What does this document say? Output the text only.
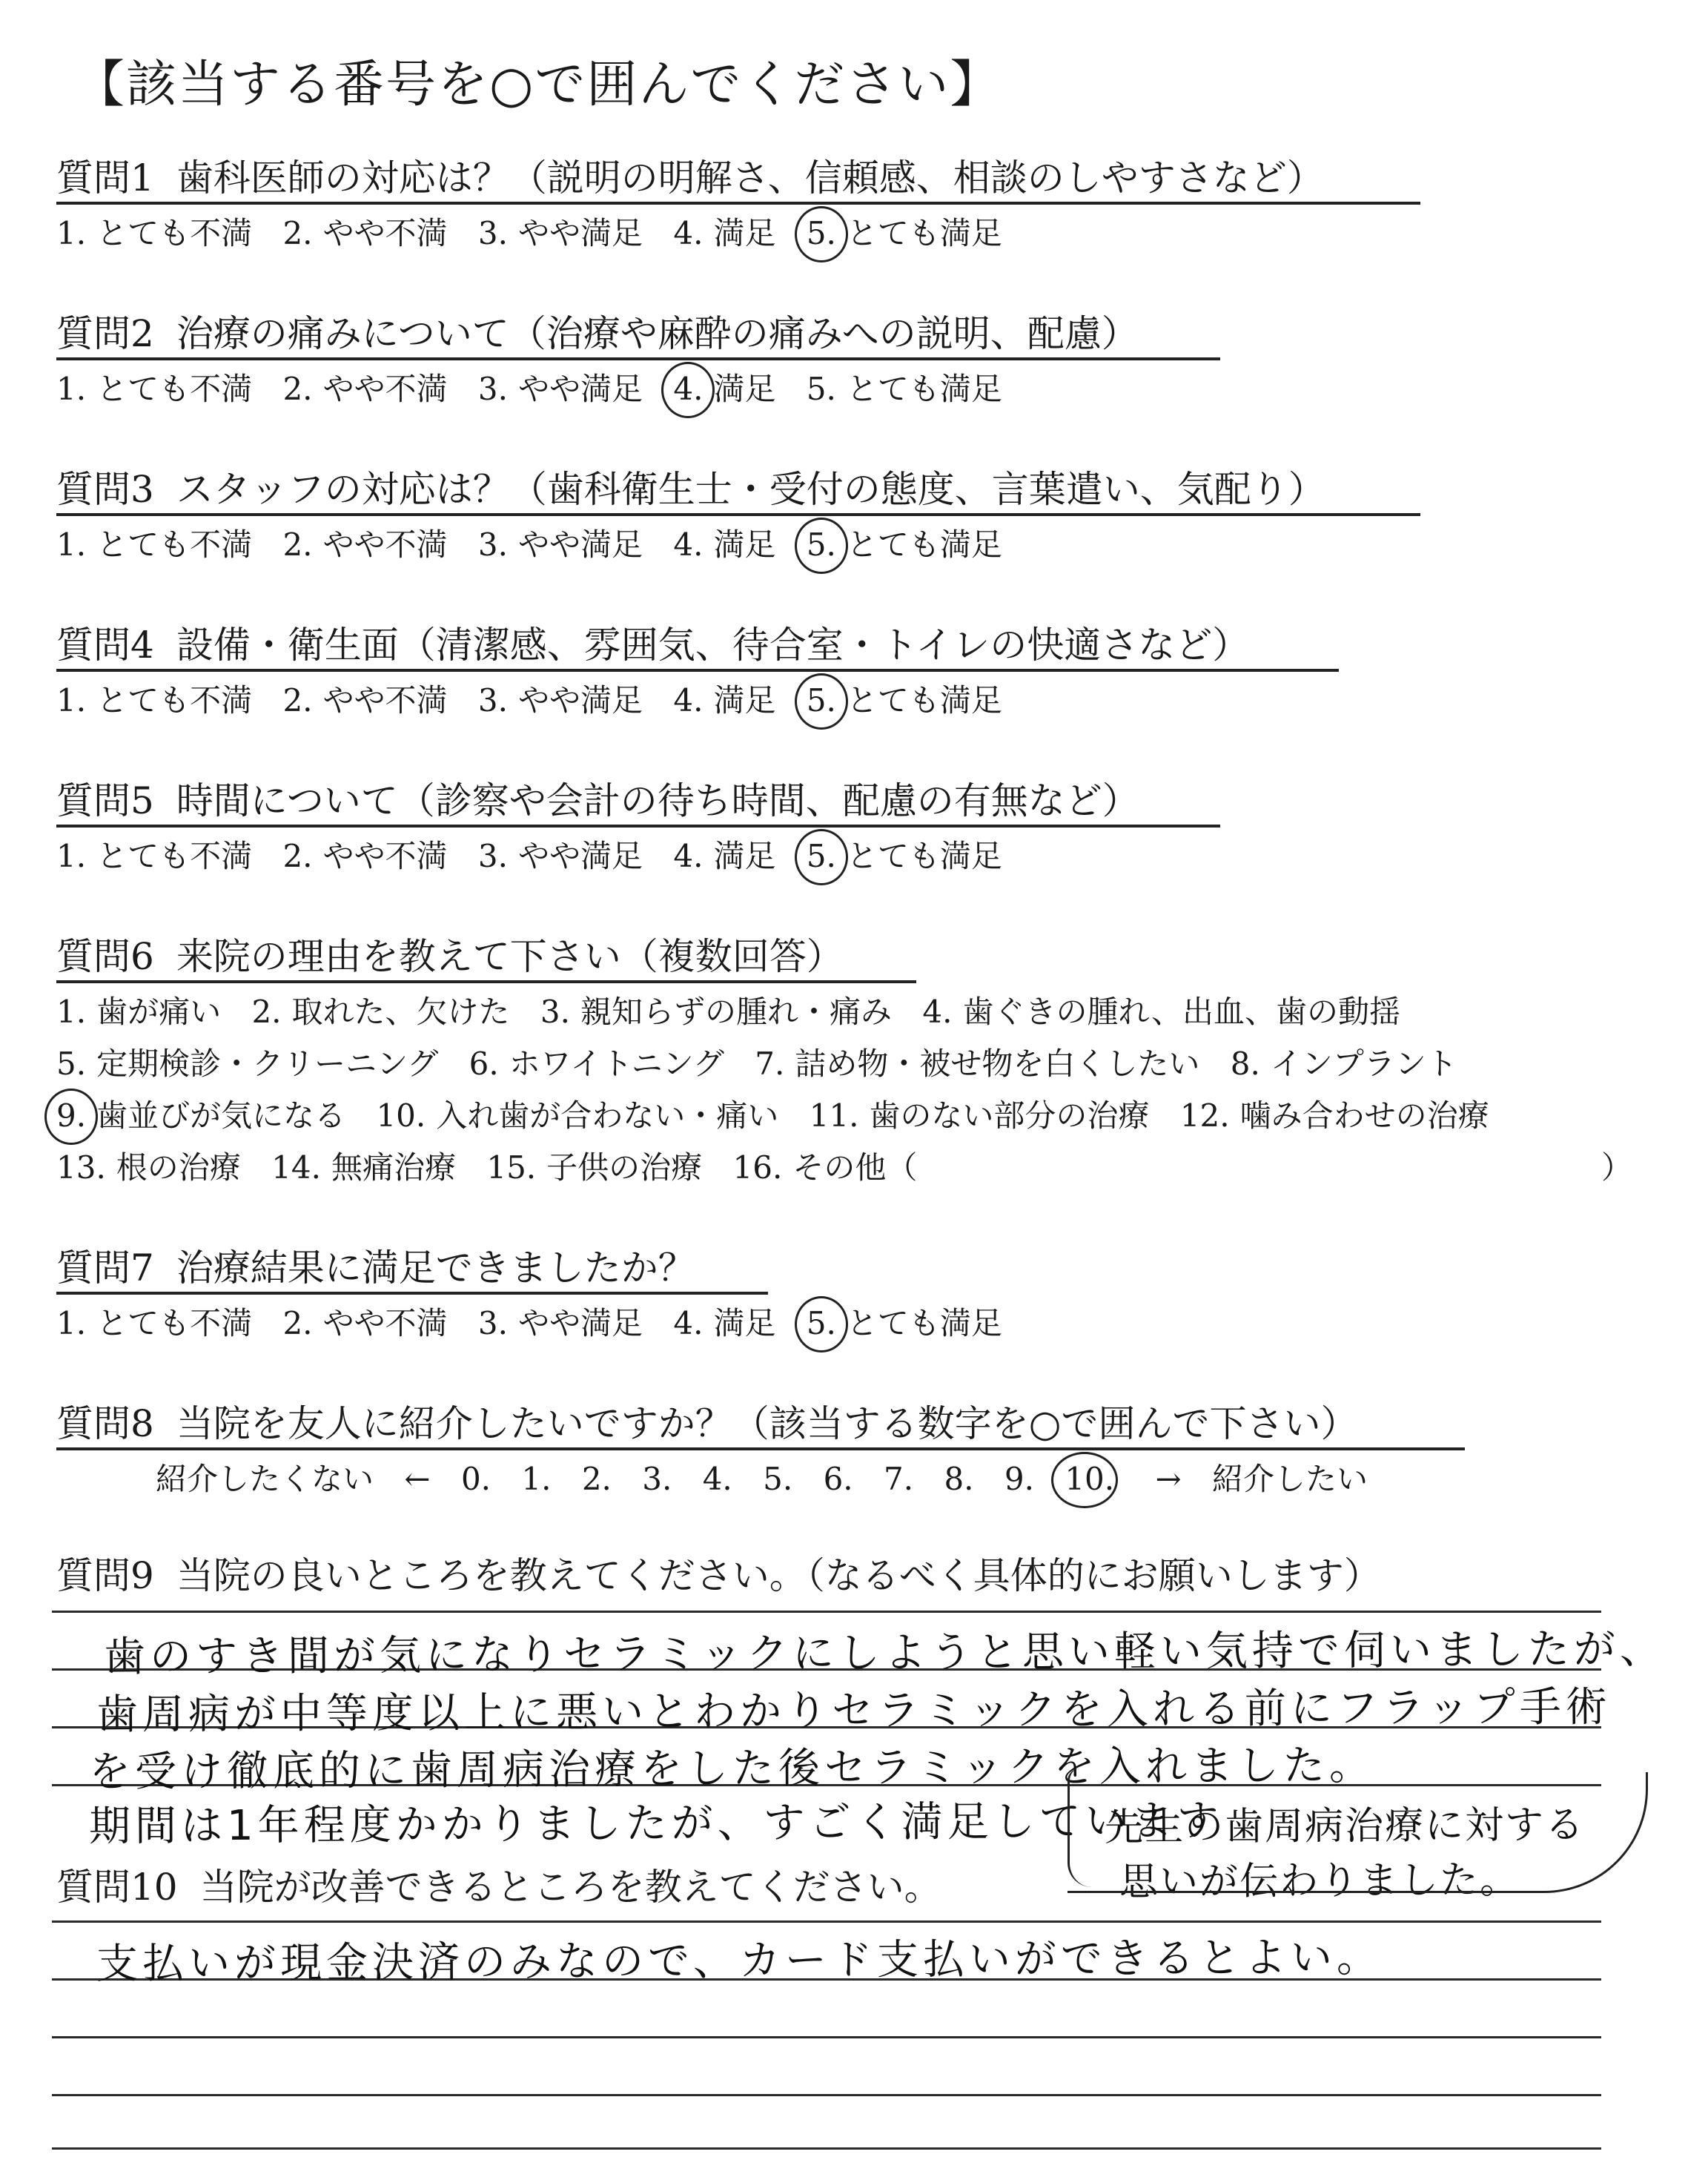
【該当する番号を○で囲んでください】
質問1 歯科医師の対応は？（説明の明解さ、信頼感、相談のしやすさなど）
1. とても不満 2. やや不満 3. やや満足 4. 満足 5. とても満足
質問2 治療の痛みについて（治療や麻酔の痛みへの説明、配慮）
1. とても不満 2. やや不満 3. やや満足 4. 満足 5. とても満足
質問3 スタッフの対応は？（歯科衛生士・受付の態度、言葉遣い、気配り）
1. とても不満 2. やや不満 3. やや満足 4. 満足 5. とても満足
質問4 設備・衛生面（清潔感、雰囲気、待合室・トイレの快適さなど）
1. とても不満 2. やや不満 3. やや満足 4. 満足 5. とても満足
質問5 時間について（診察や会計の待ち時間、配慮の有無など）
1. とても不満 2. やや不満 3. やや満足 4. 満足 5. とても満足
質問6 来院の理由を教えて下さい（複数回答）
1. 歯が痛い 2. 取れた、欠けた 3. 親知らずの腫れ・痛み 4. 歯ぐきの腫れ、出血、歯の動揺
5. 定期検診・クリーニング 6. ホワイトニング 7. 詰め物・被せ物を白くしたい 8. インプラント
9. 歯並びが気になる 10. 入れ歯が合わない・痛い 11. 歯のない部分の治療 12. 噛み合わせの治療
13. 根の治療 14. 無痛治療 15. 子供の治療 16. その他（	）
質問7 治療結果に満足できましたか？
1. とても不満 2. やや不満 3. やや満足 4. 満足 5. とても満足
質問8 当院を友人に紹介したいですか？（該当する数字を○で囲んで下さい）
紹介したくない ← 0. 1. 2. 3. 4. 5. 6. 7. 8. 9. 10. → 紹介したい
質問9 当院の良いところを教えてください。（なるべく具体的にお願いします）
歯のすき間が気になりセラミックにしようと思い軽い気持で伺いましたが、
歯周病が中等度以上に悪いとわかりセラミックを入れる前にフラップ手術
を受け徹底的に歯周病治療をした後セラミックを入れました。
期間は1年程度かかりましたが、すごく満足しています
先生の歯周病治療に対する
思いが伝わりました。
質問10 当院が改善できるところを教えてください。
支払いが現金決済のみなので、カード支払いができるとよい。
